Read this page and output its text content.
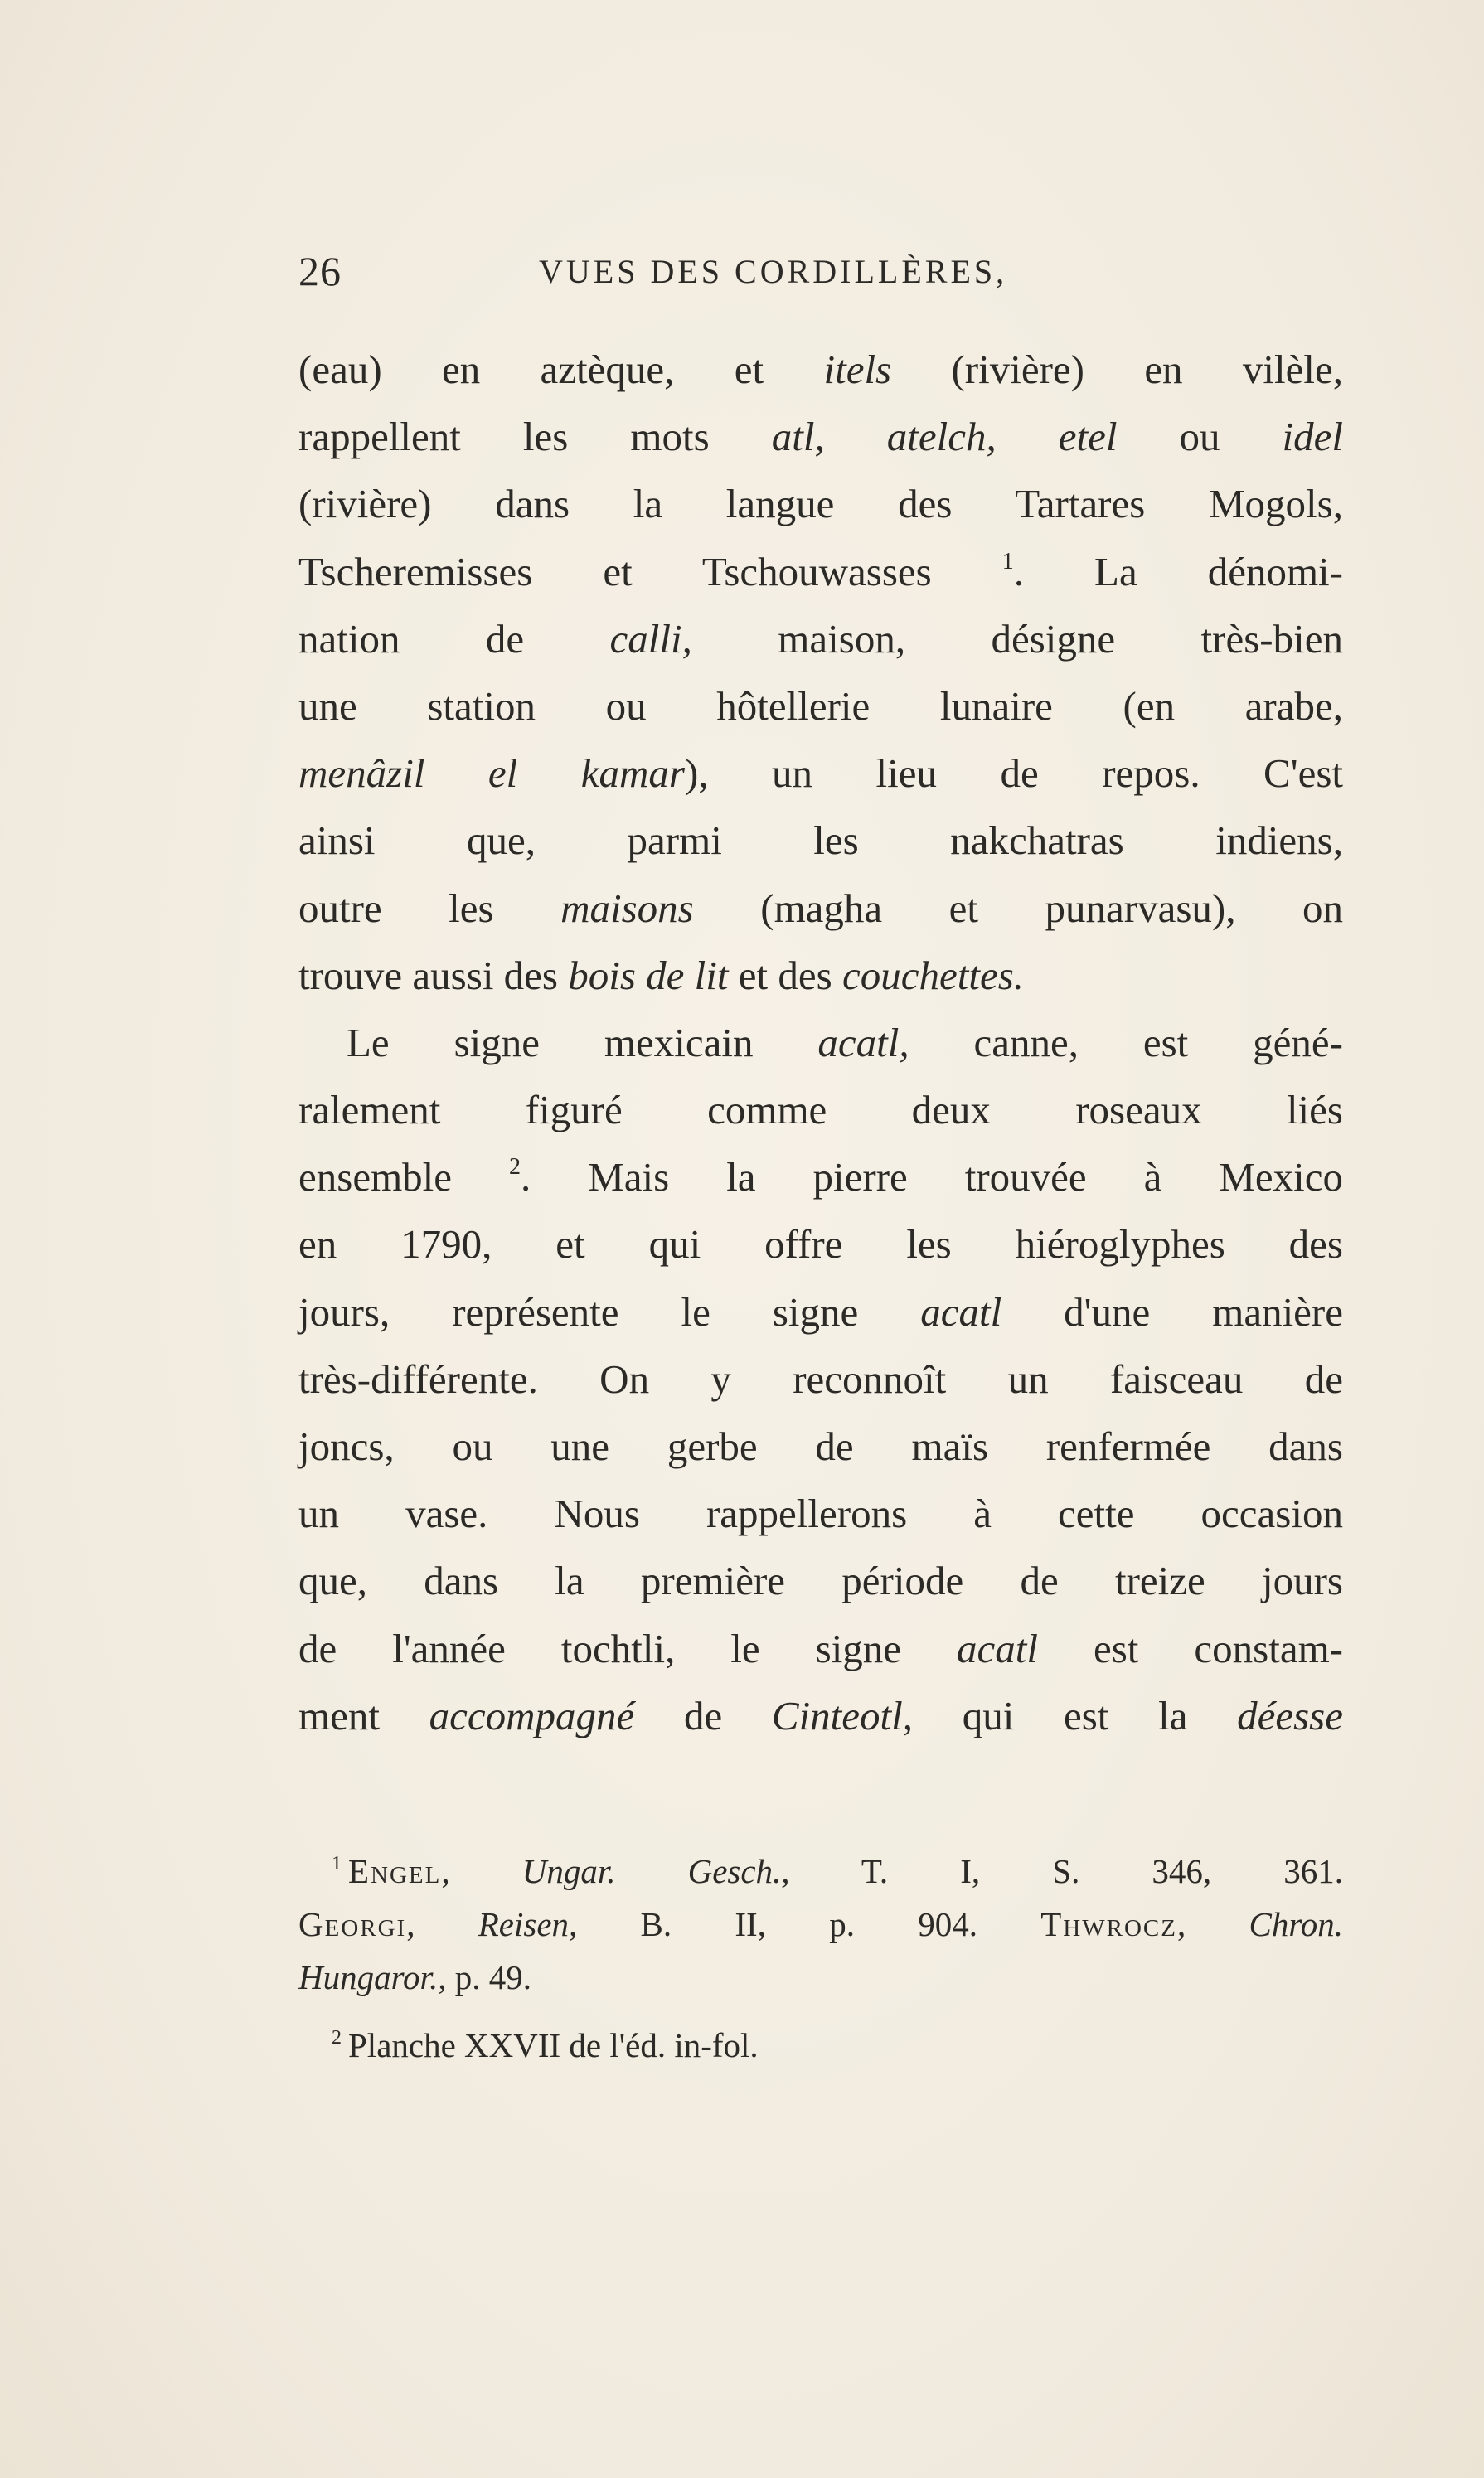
26	VUES DES CORDILLÈRES,
(eau) en aztèque, et itels (rivière) en vilèle,
rappellent les mots atl, atelch, etel ou idel
(rivière) dans la langue des Tartares Mogols,
Tscheremisses et Tschouwasses $^1$. La dénomi-
nation de calli, maison, désigne très-bien
une station ou hôtellerie lunaire (en arabe,
menâzil el kamar), un lieu de repos. C'est
ainsi que, parmi les nakchatras indiens,
outre les maisons (magha et punarvasu), on
trouve aussi des bois de lit et des couchettes.
Le signe mexicain acatl, canne, est géné-
ralement figuré comme deux roseaux liés
ensemble $^2$. Mais la pierre trouvée à Mexico
en 1790, et qui offre les hiéroglyphes des
jours, représente le signe acatl d'une manière
très-différente. On y reconnoît un faisceau de
joncs, ou une gerbe de maïs renfermée dans
un vase. Nous rappellerons à cette occasion
que, dans la première période de treize jours
de l'année tochtli, le signe acatl est constam-
ment accompagné de Cinteotl, qui est la déesse
$^1$ Engel, Ungar. Gesch., T. I, S. 346, 361.
Georgi, Reisen, B. II, p. 904. Thwrocz, Chron.
Hungaror., p. 49.
$^2$ Planche XXVII de l'éd. in-fol.
